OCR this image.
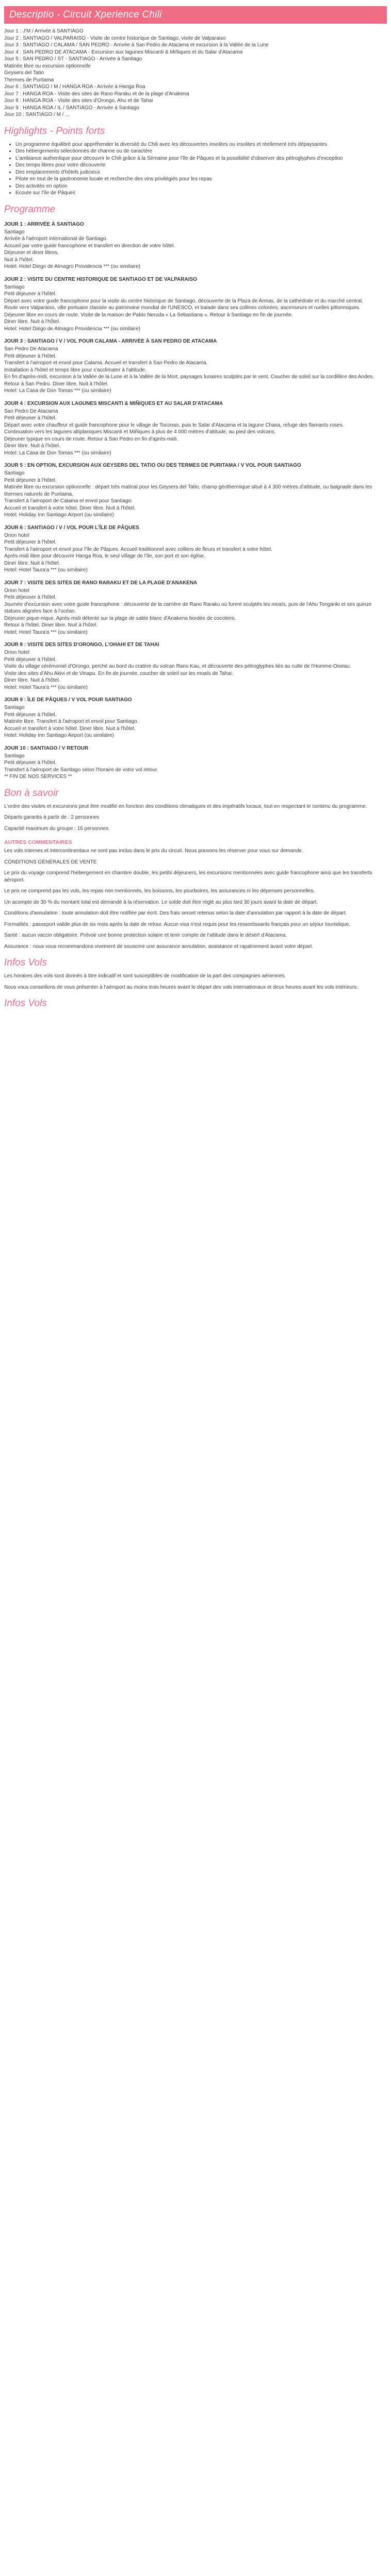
Descriptio - Circuit Xperience Chili

Jour 1 : J'M / Arrivée à SANTIAGO

Jour 2 : SANTIAGO / VALPARAISO - Visite de centre historique de Santiago, visite de Valparaiso

Jour 3 : SANTIAGO / CALAMA / SAN PEDRO - Arrivée à San Pedro de Atacama et excursion à la Vallée de la Lune

Jour 4 : SAN PEDRO DE ATACAMA - Excursion aux lagunes Miscanti & Miñiques et du Salar d'Atacama

Jour 5 : SAN PEDRO / ST - SANTIAGO - Arrivée à Santiago

Matinée libre ou excursion optionnelle

Geysers del Tatio

Thermes de Puritama

Jour 6 : SANTIAGO / M / HANGA ROA - Arrivée à Hanga Roa

Jour 7 : HANGA ROA - Visite des sites de Rano Raraku et de la plage d'Anakena

Jour 8 : HANGA ROA - Visite des sites d'Orongo, Ahu et de Tahai

Jour 9 : HANGA ROA / IL / SANTIAGO - Arrivée à Santiago

Jour 10 : SANTIAGO / M / ...

Highlights - Points forts
• Un programme équilibré pour appréhender la diversité du Chili avec les découvertes insolites ou insolites et réellement très dépaysantes
• Des hébergements sélectionnés de charme ou de caractère
• L'ambiance authentique pour découvrir le Chili grâce à la Sémaine pour l'île de Pâques et la possibilité d'observer des pétroglyphes d'exception
• Des temps libres pour votre découverte
• Des emplacements d'hôtels judicieux
• Pilote en tout de la gastronomie locale et recherche des vins privilégiés pour les repas
• Des activités en option
• Ecoute sur l'île de Pâques
Programme
JOUR 1 : ARRIVÉE À SANTIAGO

Santiago

Arrivée à l'aéroport international de Santiago.

Accueil par votre guide francophone et transfert en direction de votre hôtel.

Déjeuner et diner libres.

Nuit à l'hôtel.

Hotel: Hotel Diego de Almagro Providencia *** (ou similaire)

JOUR 2 : VISITE DU CENTRE HISTORIQUE DE SANTIAGO ET DE VALPARAISO

Santiago

Petit déjeuner à l'hôtel.

Départ avec votre guide francophone pour la visite du centre historique de Santiago, découverte de la Plaza de Armas, de la cathédrale et du marché central.

Route vers Valparaiso, ville portuaire classée au patrimoine mondial de l'UNESCO, et balade dans ses collines colorées, ascenseurs et ruelles pittoresques.

Déjeuner libre en cours de route. Visite de la maison de Pablo Neruda « La Sebastiana ». Retour à Santiago en fin de journée.

Diner libre. Nuit à l'hôtel.

Hotel: Hotel Diego de Almagro Providencia *** (ou similaire)

JOUR 3 : SANTIAGO / V / VOL POUR CALAMA - ARRIVÉE À SAN PEDRO DE ATACAMA

San Pedro De Atacama

Petit déjeuner à l'hôtel.

Transfert à l'aéroport et envol pour Calama. Accueil et transfert à San Pedro de Atacama.

Installation à l'hôtel et temps libre pour s'acclimater à l'altitude.

En fin d'après-midi, excursion à la Vallée de la Lune et à la Vallée de la Mort, paysages lunaires sculptés par le vent. Coucher de soleil sur la cordillère des Andes.

Retour à San Pedro. Diner libre. Nuit à l'hôtel.

Hotel: La Casa de Don Tomas *** (ou similaire)

JOUR 4 : EXCURSION AUX LAGUNES MISCANTI & MIÑIQUES ET AU SALAR D'ATACAMA

San Pedro De Atacama

Petit déjeuner à l'hôtel.

Départ avec votre chauffeur et guide francophone pour le village de Toconao, puis le Salar d'Atacama et la lagune Chaxa, refuge des flamants roses.

Continuation vers les lagunes altiplaniques Miscanti et Miñiques à plus de 4 000 mètres d'altitude, au pied des volcans.

Déjeuner typique en cours de route. Retour à San Pedro en fin d'après-midi.

Diner libre. Nuit à l'hôtel.

Hotel: La Casa de Don Tomas *** (ou similaire)

JOUR 5 : EN OPTION, EXCURSION AUX GEYSERS DEL TATIO OU DES TERMES DE PURITAMA / V VOL POUR SANTIAGO

Santiago

Petit déjeuner à l'hôtel.

Matinée libre ou excursion optionnelle : départ très matinal pour les Geysers del Tatio, champ géothermique situé à 4 300 mètres d'altitude, ou baignade dans les thermes naturels de Puritama.

Transfert à l'aéroport de Calama et envol pour Santiago.

Accueil et transfert à votre hôtel. Diner libre. Nuit à l'hôtel.

Hotel: Holiday Inn Santiago Airport (ou similaire)

JOUR 6 : SANTIAGO / V / VOL POUR L'ÎLE DE PÂQUES

Orion hotel

Petit déjeuner à l'hôtel.

Transfert à l'aéroport et envol pour l'île de Pâques. Accueil traditionnel avec colliers de fleurs et transfert à votre hôtel.

Après-midi libre pour découvrir Hanga Roa, le seul village de l'île, son port et son église.

Diner libre. Nuit à l'hôtel.

Hotel: Hotel Taura'a *** (ou similaire)

JOUR 7 : VISITE DES SITES DE RANO RARAKU ET DE LA PLAGE D'ANAKENA

Orion hotel

Petit déjeuner à l'hôtel.

Journée d'excursion avec votre guide francophone : découverte de la carrière de Rano Raraku où furent sculptés les moaïs, puis de l'Ahu Tongariki et ses quinze statues alignées face à l'océan.

Déjeuner pique-nique. Après-midi détente sur la plage de sable blanc d'Anakena bordée de cocotiers.

Retour à l'hôtel. Diner libre. Nuit à l'hôtel.

Hotel: Hotel Taura'a *** (ou similaire)

JOUR 8 : VISITE DES SITES D'ORONGO, L'OHAHI ET DE TAHAI

Orion hotel

Petit déjeuner à l'hôtel.

Visite du village cérémoniel d'Orongo, perché au bord du cratère du volcan Rano Kau, et découverte des pétroglyphes liés au culte de l'Homme-Oiseau.

Visite des sites d'Ahu Akivi et de Vinapu. En fin de journée, coucher de soleil sur les moaïs de Tahai.

Diner libre. Nuit à l'hôtel.

Hotel: Hotel Taura'a *** (ou similaire)

JOUR 9 : ÎLE DE PÂQUES / V VOL POUR SANTIAGO

Santiago

Petit déjeuner à l'hôtel.

Matinée libre. Transfert à l'aéroport et envol pour Santiago.

Accueil et transfert à votre hôtel. Diner libre. Nuit à l'hôtel.

Hotel: Holiday Inn Santiago Airport (ou similaire)

JOUR 10 : SANTIAGO / V RETOUR

Santiago

Petit déjeuner à l'hôtel.

Transfert à l'aéroport de Santiago selon l'horaire de votre vol retour.

** FIN DE NOS SERVICES **

Bon à savoir

L'ordre des visites et excursions peut être modifié en fonction des conditions climatiques et des impératifs locaux, tout en respectant le contenu du programme.

Départs garantis à partir de : 2 personnes

Capacité maximum du groupe : 16 personnes

AUTRES COMMENTAIRES

Les vols internes et intercontinentaux ne sont pas inclus dans le prix du circuit. Nous pouvons les réserver pour vous sur demande.

CONDITIONS GÉNÉRALES DE VENTE

Le prix du voyage comprend l'hébergement en chambre double, les petits déjeuners, les excursions mentionnées avec guide francophone ainsi que les transferts aéroport.

Le prix ne comprend pas les vols, les repas non mentionnés, les boissons, les pourboires, les assurances ni les dépenses personnelles.

Un acompte de 30 % du montant total est demandé à la réservation. Le solde doit être réglé au plus tard 30 jours avant la date de départ.

Conditions d'annulation : toute annulation doit être notifiée par écrit. Des frais seront retenus selon la date d'annulation par rapport à la date de départ.

Formalités : passeport valide plus de six mois après la date de retour. Aucun visa n'est requis pour les ressortissants français pour un séjour touristique.

Santé : aucun vaccin obligatoire. Prévoir une bonne protection solaire et tenir compte de l'altitude dans le désert d'Atacama.

Assurance : nous vous recommandons vivement de souscrire une assurance annulation, assistance et rapatriement avant votre départ.

Infos Vols

Les horaires des vols sont donnés à titre indicatif et sont susceptibles de modification de la part des compagnies aériennes.

Nous vous conseillons de vous présenter à l'aéroport au moins trois heures avant le départ des vols internationaux et deux heures avant les vols intérieurs.

Infos Vols
